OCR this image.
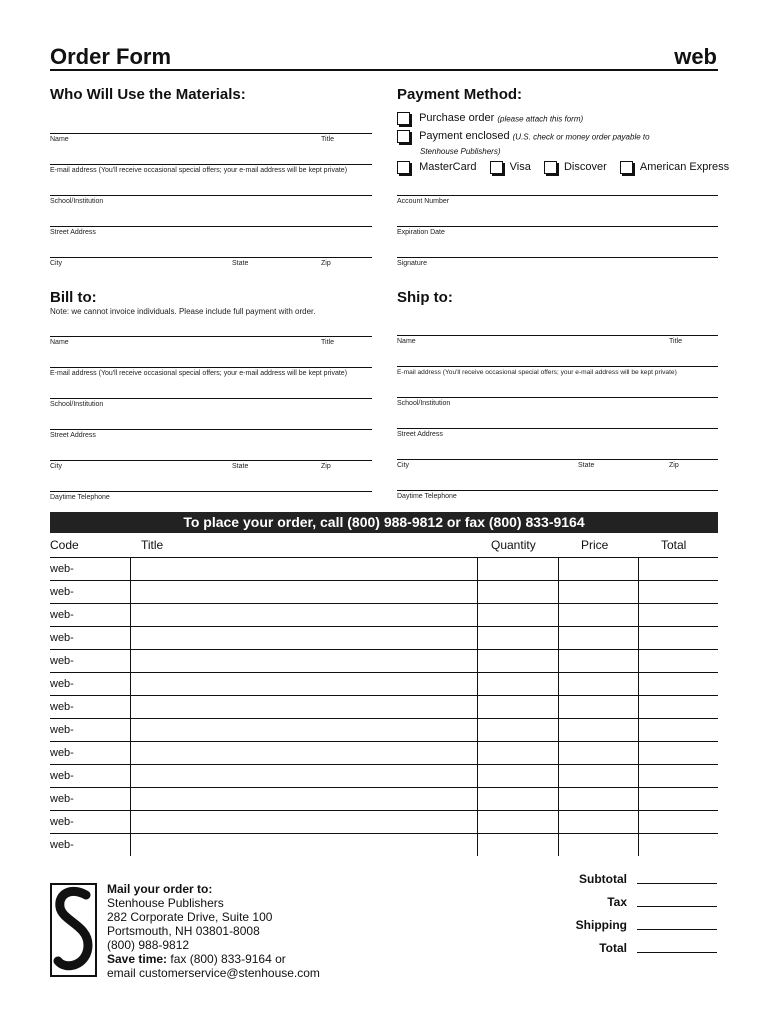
Order Form	web
Who Will Use the Materials:
Name	Title
E-mail address (You'll receive occasional special offers; your e-mail address will be kept private)
School/Institution
Street Address
City	State	Zip
Payment Method:
Purchase order (please attach this form)
Payment enclosed (U.S. check or money order payable to
Stenhouse Publishers)
MasterCard	Visa	Discover	American Express
Account Number
Expiration Date
Signature
Bill to:
Note: we cannot invoice individuals. Please include full payment with order.
Name	Title
E-mail address (You'll receive occasional special offers; your e-mail address will be kept private)
School/Institution
Street Address
City	State	Zip
Daytime Telephone
Ship to:
Name	Title
E-mail address (You'll receive occasional special offers; your e-mail address will be kept private)
School/Institution
Street Address
City	State	Zip
Daytime Telephone
To place your order, call (800) 988-9812 or fax (800) 833-9164
Code	Title	Quantity	Price	Total
web-				
web-				
web-				
web-				
web-				
web-				
web-				
web-				
web-				
web-				
web-				
web-				
web-				
Mail your order to:
Stenhouse Publishers
282 Corporate Drive, Suite 100
Portsmouth, NH 03801-8008
(800) 988-9812
Save time: fax (800) 833-9164 or
email customerservice@stenhouse.com
Subtotal
Tax
Shipping
Total
